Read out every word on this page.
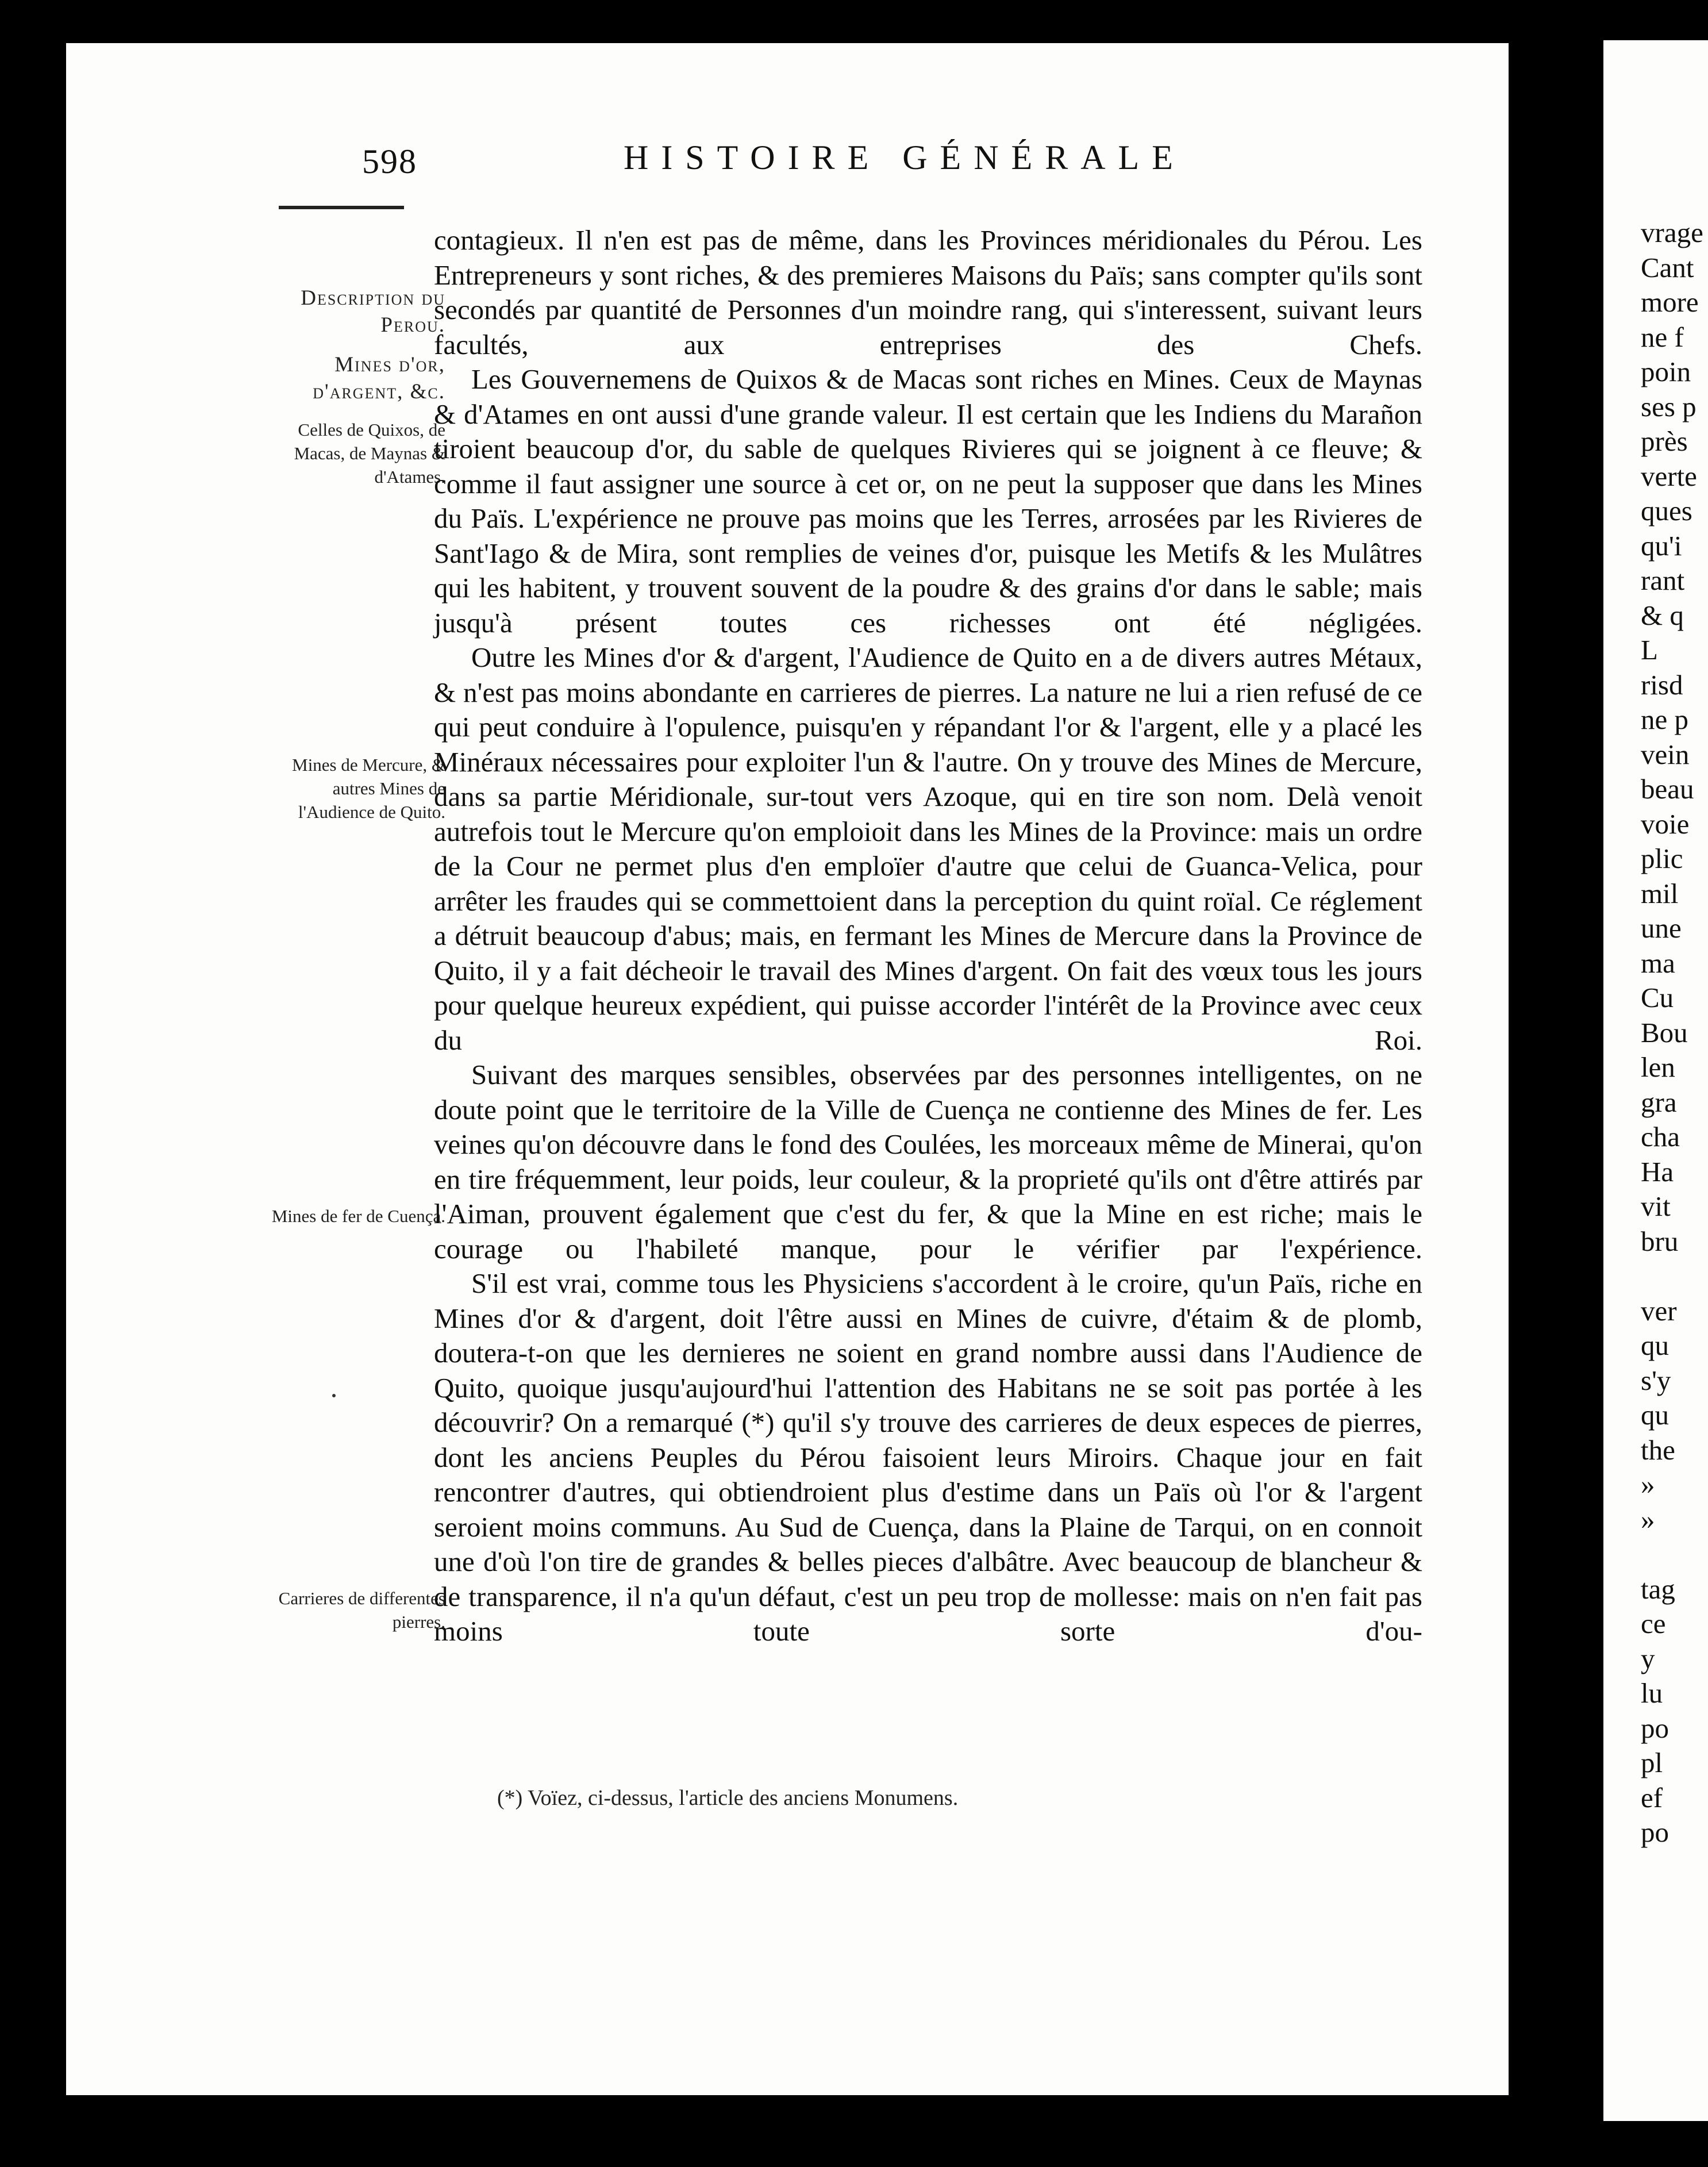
598	HISTOIRE GÉNÉRALE

Description du Perou.

Mines d'or, d'argent, &c.

Celles de Quixos, de Macas, de Maynas & d'Atames.

Mines de Mercure, & autres Mines de l'Audience de Quito.

Mines de fer de Cuença.

Carrieres de differentes pierres.

contagieux. Il n'en est pas de même, dans les Provinces méridionales du Pérou. Les Entrepreneurs y sont riches, & des premieres Maisons du Païs; sans compter qu'ils sont secondés par quantité de Personnes d'un moindre rang, qui s'interessent, suivant leurs facultés, aux entreprises des Chefs.

Les Gouvernemens de Quixos & de Macas sont riches en Mines. Ceux de Maynas & d'Atames en ont aussi d'une grande valeur. Il est certain que les Indiens du Marañon tiroient beaucoup d'or, du sable de quelques Rivieres qui se joignent à ce fleuve; & comme il faut assigner une source à cet or, on ne peut la supposer que dans les Mines du Païs. L'expérience ne prouve pas moins que les Terres, arrosées par les Rivieres de Sant'Iago & de Mira, sont remplies de veines d'or, puisque les Metifs & les Mulâtres qui les habitent, y trouvent souvent de la poudre & des grains d'or dans le sable; mais jusqu'à présent toutes ces richesses ont été négligées.

Outre les Mines d'or & d'argent, l'Audience de Quito en a de divers autres Métaux, & n'est pas moins abondante en carrieres de pierres. La nature ne lui a rien refusé de ce qui peut conduire à l'opulence, puisqu'en y répandant l'or & l'argent, elle y a placé les Minéraux nécessaires pour exploiter l'un & l'autre. On y trouve des Mines de Mercure, dans sa partie Méridionale, sur-tout vers Azoque, qui en tire son nom. Delà venoit autrefois tout le Mercure qu'on emploioit dans les Mines de la Province: mais un ordre de la Cour ne permet plus d'en emploïer d'autre que celui de Guanca-Velica, pour arrêter les fraudes qui se commettoient dans la perception du quint roïal. Ce réglement a détruit beaucoup d'abus; mais, en fermant les Mines de Mercure dans la Province de Quito, il y a fait décheoir le travail des Mines d'argent. On fait des vœux tous les jours pour quelque heureux expédient, qui puisse accorder l'intérêt de la Province avec ceux du Roi.

Suivant des marques sensibles, observées par des personnes intelligentes, on ne doute point que le territoire de la Ville de Cuença ne contienne des Mines de fer. Les veines qu'on découvre dans le fond des Coulées, les morceaux même de Minerai, qu'on en tire fréquemment, leur poids, leur couleur, & la proprieté qu'ils ont d'être attirés par l'Aiman, prouvent également que c'est du fer, & que la Mine en est riche; mais le courage ou l'habileté manque, pour le vérifier par l'expérience.

S'il est vrai, comme tous les Physiciens s'accordent à le croire, qu'un Païs, riche en Mines d'or & d'argent, doit l'être aussi en Mines de cuivre, d'étaim & de plomb, doutera-t-on que les dernieres ne soient en grand nombre aussi dans l'Audience de Quito, quoique jusqu'aujourd'hui l'attention des Habitans ne se soit pas portée à les découvrir? On a remarqué (*) qu'il s'y trouve des carrieres de deux especes de pierres, dont les anciens Peuples du Pérou faisoient leurs Miroirs. Chaque jour en fait rencontrer d'autres, qui obtiendroient plus d'estime dans un Païs où l'or & l'argent seroient moins communs. Au Sud de Cuença, dans la Plaine de Tarqui, on en connoit une d'où l'on tire de grandes & belles pieces d'albâtre. Avec beaucoup de blancheur & de transparence, il n'a qu'un défaut, c'est un peu trop de mollesse: mais on n'en fait pas moins toute sorte d'ou-

(*) Voïez, ci-dessus, l'article des anciens Monumens.
vrage
Cant
more
ne f
poin
ses p
près
verte
ques
qu'i
rant
& q
L
risd
ne p
vein
beau
voie
plic
mil
une
ma
Cu
Bou
len
gra
cha
Ha
vit
bru
ver
qu
s'y
qu
the
»
»
tag
ce
y
lu
po
pl
ef
po
